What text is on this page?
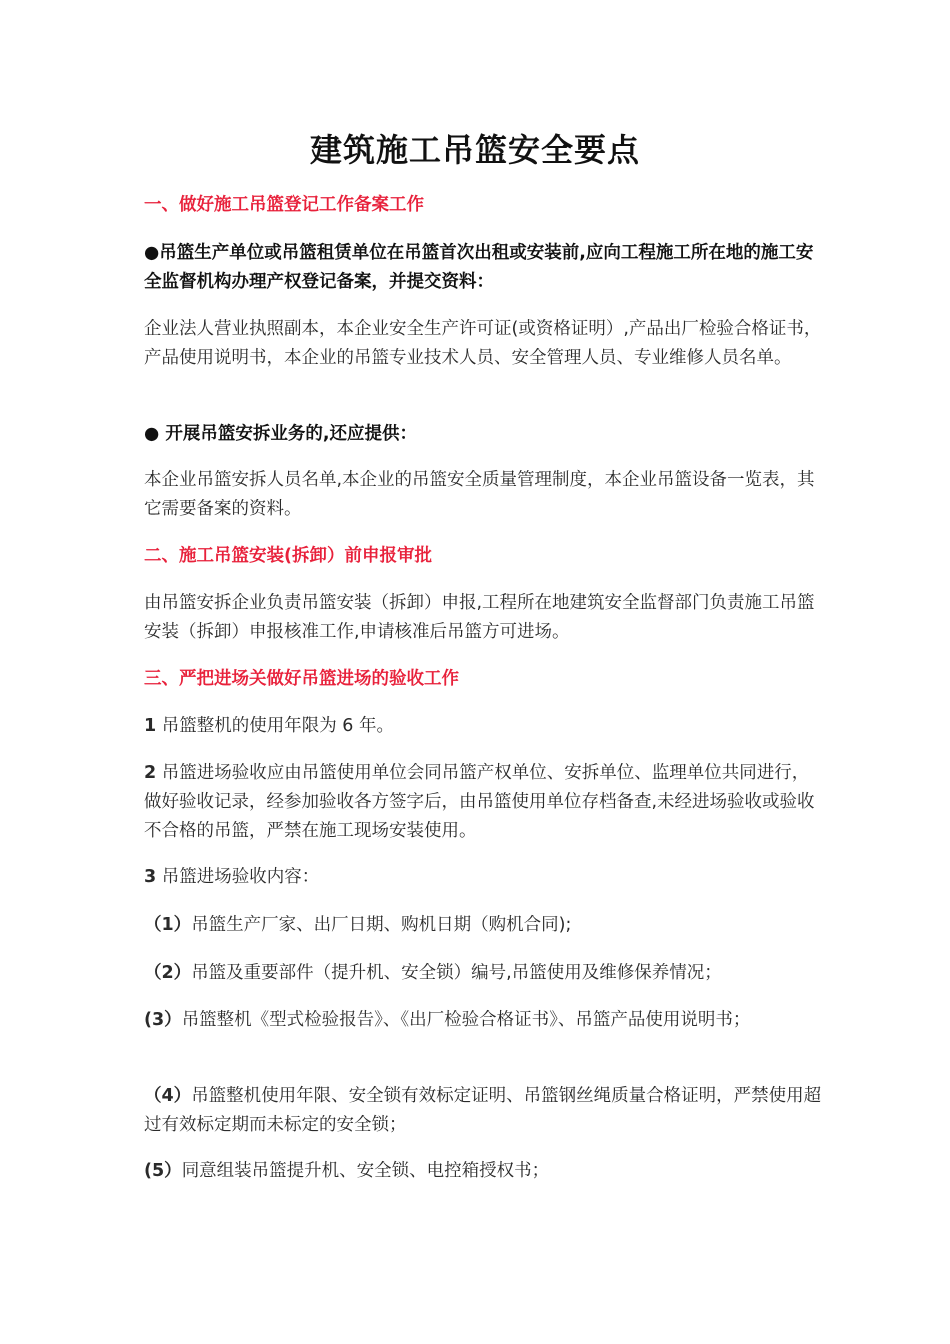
建筑施工吊篮安全要点

一、做好施工吊篮登记工作备案工作

●吊篮生产单位或吊篮租赁单位在吊篮首次出租或安装前,应向工程施工所在地的施工安全监督机构办理产权登记备案，并提交资料：

企业法人营业执照副本，本企业安全生产许可证(或资格证明）,产品出厂检验合格证书，产品使用说明书，本企业的吊篮专业技术人员、安全管理人员、专业维修人员名单。

● 开展吊篮安拆业务的,还应提供：

本企业吊篮安拆人员名单,本企业的吊篮安全质量管理制度，本企业吊篮设备一览表，其它需要备案的资料。

二、施工吊篮安装(拆卸）前申报审批

由吊篮安拆企业负责吊篮安装（拆卸）申报,工程所在地建筑安全监督部门负责施工吊篮安装（拆卸）申报核准工作,申请核准后吊篮方可进场。

三、严把进场关做好吊篮进场的验收工作

1 吊篮整机的使用年限为 6 年。

2 吊篮进场验收应由吊篮使用单位会同吊篮产权单位、安拆单位、监理单位共同进行，做好验收记录，经参加验收各方签字后，由吊篮使用单位存档备查,未经进场验收或验收不合格的吊篮，严禁在施工现场安装使用。

3 吊篮进场验收内容：

（1）吊篮生产厂家、出厂日期、购机日期（购机合同);

（2）吊篮及重要部件（提升机、安全锁）编号,吊篮使用及维修保养情况；

(3）吊篮整机《型式检验报告》、《出厂检验合格证书》、吊篮产品使用说明书；

（4）吊篮整机使用年限、安全锁有效标定证明、吊篮钢丝绳质量合格证明，严禁使用超过有效标定期而未标定的安全锁；

(5）同意组装吊篮提升机、安全锁、电控箱授权书；
